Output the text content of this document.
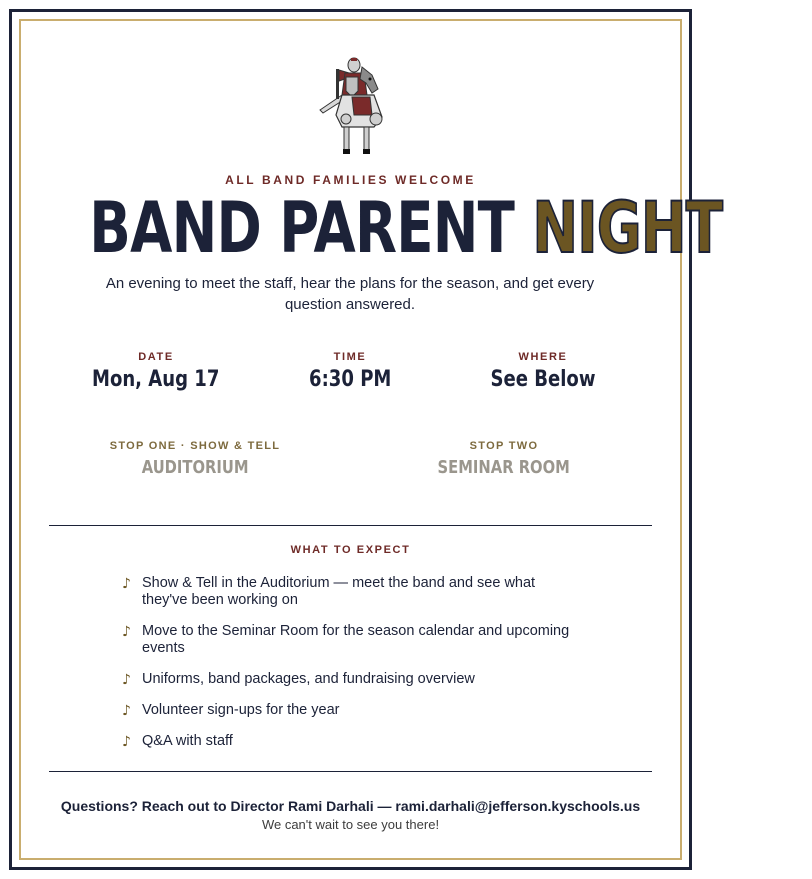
ALL BAND FAMILIES WELCOME
BAND PARENT NIGHT
An evening to meet the staff, hear the plans for the season, and get every question answered.
DATE
Mon, Aug 17
TIME
6:30 PM
WHERE
See Below
STOP ONE · SHOW & TELL
AUDITORIUM
STOP TWO
SEMINAR ROOM
WHAT TO EXPECT
♪ Show & Tell in the Auditorium — meet the band and see what they've been working on
♪ Move to the Seminar Room for the season calendar and upcoming events
♪ Uniforms, band packages, and fundraising overview
♪ Volunteer sign-ups for the year
♪ Q&A with staff
Questions? Reach out to Director Rami Darhali — rami.darhali@jefferson.kyschools.us
We can't wait to see you there!
